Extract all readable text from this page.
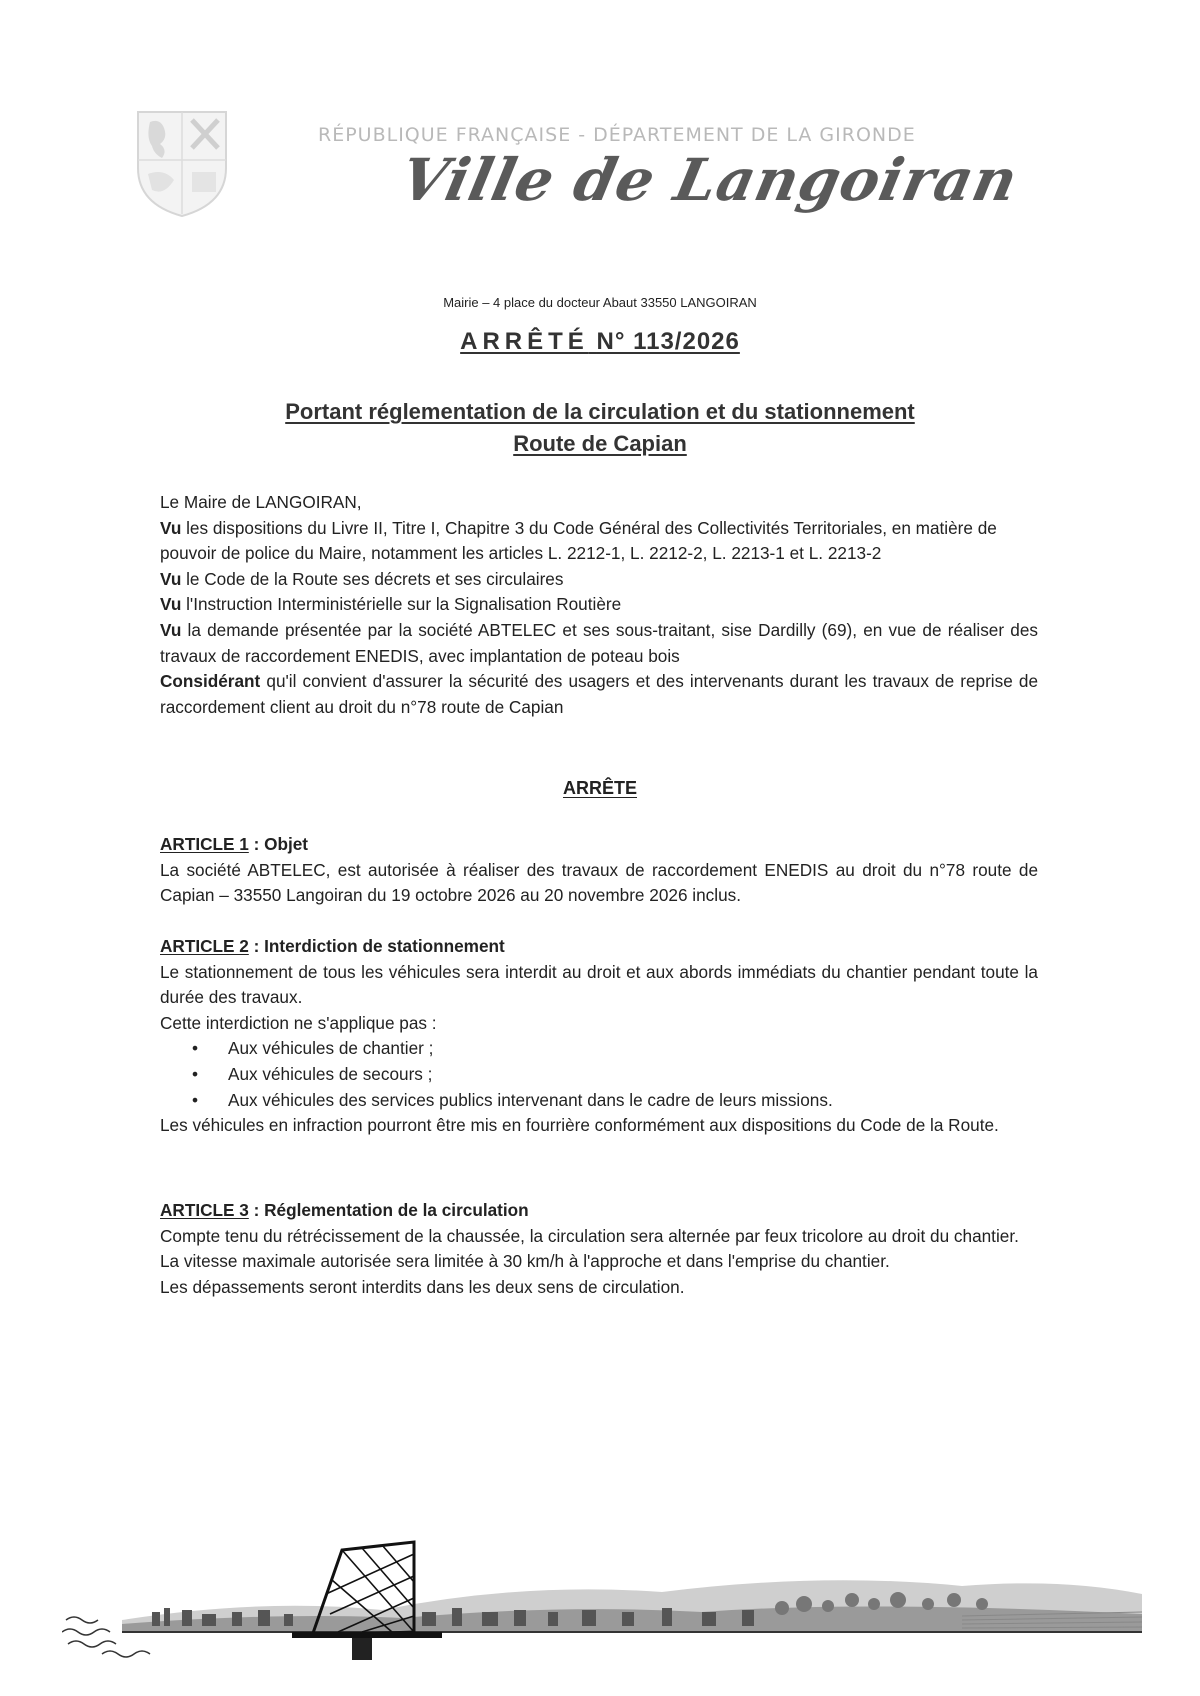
RÉPUBLIQUE FRANÇAISE - DÉPARTEMENT DE LA GIRONDE
Ville de Langoiran
Mairie – 4 place du docteur Abaut 33550 LANGOIRAN
ARRÊTÉ N° 113/2026
Portant réglementation de la circulation et du stationnement
Route de Capian
Le Maire de LANGOIRAN,
Vu les dispositions du Livre II, Titre I, Chapitre 3 du Code Général des Collectivités Territoriales, en matière de pouvoir de police du Maire, notamment les articles L. 2212-1, L. 2212-2, L. 2213-1 et L. 2213-2
Vu le Code de la Route ses décrets et ses circulaires
Vu l'Instruction Interministérielle sur la Signalisation Routière
Vu la demande présentée par la société ABTELEC et ses sous-traitant, sise Dardilly (69), en vue de réaliser des travaux de raccordement ENEDIS, avec implantation de poteau bois
Considérant qu'il convient d'assurer la sécurité des usagers et des intervenants durant les travaux de reprise de raccordement client au droit du n°78 route de Capian
ARRÊTE
ARTICLE 1 : Objet
La société ABTELEC, est autorisée à réaliser des travaux de raccordement ENEDIS au droit du n°78 route de Capian – 33550 Langoiran du 19 octobre 2026 au 20 novembre 2026 inclus.
ARTICLE 2 : Interdiction de stationnement
Le stationnement de tous les véhicules sera interdit au droit et aux abords immédiats du chantier pendant toute la durée des travaux.
Cette interdiction ne s'applique pas :
• Aux véhicules de chantier ;
• Aux véhicules de secours ;
• Aux véhicules des services publics intervenant dans le cadre de leurs missions.
Les véhicules en infraction pourront être mis en fourrière conformément aux dispositions du Code de la Route.
ARTICLE 3 : Réglementation de la circulation
Compte tenu du rétrécissement de la chaussée, la circulation sera alternée par feux tricolore au droit du chantier.
La vitesse maximale autorisée sera limitée à 30 km/h à l'approche et dans l'emprise du chantier.
Les dépassements seront interdits dans les deux sens de circulation.
